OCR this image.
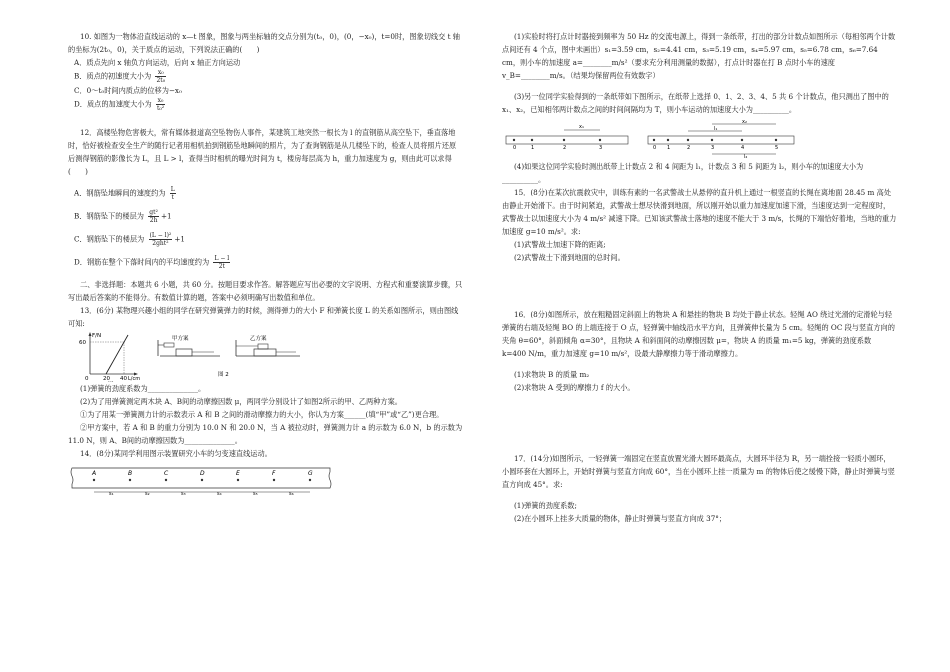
10. 如图为一物体沿直线运动的 x—t 图象，图象与两坐标轴的交点分别为(t₀，0)，(0，−x₀)，t=0时，图象切线交 t 轴的坐标为(2t₀，0)，关于质点的运动，下列说法正确的(　　)

A．质点先向 x 轴负方向运动，后向 x 轴正方向运动

B．质点的初速度大小为 $\frac{\text{x₀}}{\text{2t₀}}$

C．0～t₀时间内质点的位移为−x₀

D．质点的加速度大小为 $\frac{\text{x₀}}{\text{t₀²}}$

12．高楼坠物危害极大，常有媒体报道高空坠物伤人事件，某建筑工地突然一根长为 l 的直钢筋从高空坠下，垂直落地时，恰好被检查安全生产的随行记者用相机拍到钢筋坠地瞬间的照片，为了查询钢筋是从几楼坠下的，检查人员将照片还原后测得钢筋的影像长为 L，且 L > l，查得当时相机的曝光时间为 t，楼房每层高为 h，重力加速度为 g，则由此可以求得(　　)

A．钢筋坠地瞬间的速度约为 $\frac{L}{t}$

B．钢筋坠下的楼层为 $\frac{\text{gt²}}{2h} +1$

C．钢筋坠下的楼层为 $\frac{\text{(L − l)²}}{\text{2ght²}} +1$

D．钢筋在整个下落时间内的平均速度约为 $\frac{L - l}{2t}$

二、非选择题：本题共 6 小题，共 60 分。按题目要求作答。解答题应写出必要的文字说明、方程式和重要演算步骤，只写出最后答案的不能得分。有数值计算的题，答案中必须明确写出数值和单位。

13．(6分) 某物理兴趣小组的同学在研究弹簧弹力的时候，测得弹力的大小 F 和弹簧长度 L 的关系如图所示，则由图线可知:

F/N
60
0	20 40 L/cm
甲方案	乙方案
图 2

(1)弹簧的劲度系数为______________。

(2)为了用弹簧测定两木块 A、B间的动摩擦因数 μ，两同学分别设计了如图2所示的甲、乙两种方案。

①为了用某一弹簧测力计的示数表示 A 和 B 之间的滑动摩擦力的大小，你认为方案______(填“甲”或“乙”)更合理。

②甲方案中，若 A 和 B 的重力分别为 10.0 N 和 20.0 N，当 A 被拉动时，弹簧测力计 a 的示数为 6.0 N，b 的示数为 11.0 N，则 A、B间的动摩擦因数为______________。

14．(8分)某同学利用图示装置研究小车的匀变速直线运动。

A	B	C	D	E	F	G
s₁	s₂	s₃	s₄	s₅	s₆

(1)实验时将打点计时器接到频率为 50 Hz 的交流电源上，得到一条纸带，打出的部分计数点如图所示（每相邻两个计数点间还有 4 个点，图中未画出）s₁=3.59 cm，s₂=4.41 cm，s₃=5.19 cm，s₄=5.97 cm，s₅=6.78 cm，s₆=7.64 cm，则小车的加速度 a=________m/s²（要求充分利用测量的数据），打点计时器在打 B 点时小车的速度 v_B=________m/s。（结果均保留两位有效数字）

(3)另一位同学实验得到的一条纸带如下图所示，在纸带上选择 0、1、2、3、4、5 共 6 个计数点，他只测出了图中的 x₁、x₂，已知相邻两计数点之间的时间间隔均为 T，则小车运动的加速度大小为__________。

0	1	2	3
x₁
0 1	2	3	4	5
x₂
l₁
l₂

(4)如果这位同学实验时测出纸带上计数点 2 和 4 间距为 l₁，计数点 3 和 5 间距为 l₂，则小车的加速度大小为__________。

15．(8分)在某次抗震救灾中，训练有素的一名武警战士从悬停的直升机上通过一根竖直的长绳在离地面 28.45 m 高处由静止开始滑下。由于时间紧迫，武警战士想尽快滑到地面，所以刚开始以重力加速度加速下滑，当速度达到一定程度时，武警战士以加速度大小为 4 m/s² 减速下降。已知该武警战士落地的速度不能大于 3 m/s，长绳的下端恰好着地，当地的重力加速度 g=10 m/s²。求:

(1)武警战士加速下降的距离;

(2)武警战士下滑到地面的总时间。

16．(8分)如图所示，放在粗糙固定斜面上的物块 A 和悬挂的物块 B 均处于静止状态。轻绳 AO 绕过光滑的定滑轮与轻弹簧的右端及轻绳 BO 的上端连接于 O 点，轻弹簧中轴线沿水平方向，且弹簧伸长量为 5 cm。轻绳的 OC 段与竖直方向的夹角 θ=60°，斜面倾角 α=30°，且物块 A 和斜面间的动摩擦因数 μ=，物块 A 的质量 m₁=5 kg，弹簧的劲度系数 k=400 N/m，重力加速度 g=10 m/s²，设最大静摩擦力等于滑动摩擦力。

(1)求物块 B 的质量 m₂

(2)求物块 A 受到的摩擦力 f 的大小。

17．(14分)如图所示，一轻弹簧一端固定在竖直放置光滑大圆环最高点，大圆环半径为 R，另一端拴接一轻质小圆环，小圆环套在大圆环上，开始时弹簧与竖直方向成 60°，当在小圆环上挂一质量为 m 的物体后使之缓慢下降，静止时弹簧与竖直方向成 45°。求:

(1)弹簧的劲度系数;

(2)在小圆环上挂多大质量的物体，静止时弹簧与竖直方向成 37°；
